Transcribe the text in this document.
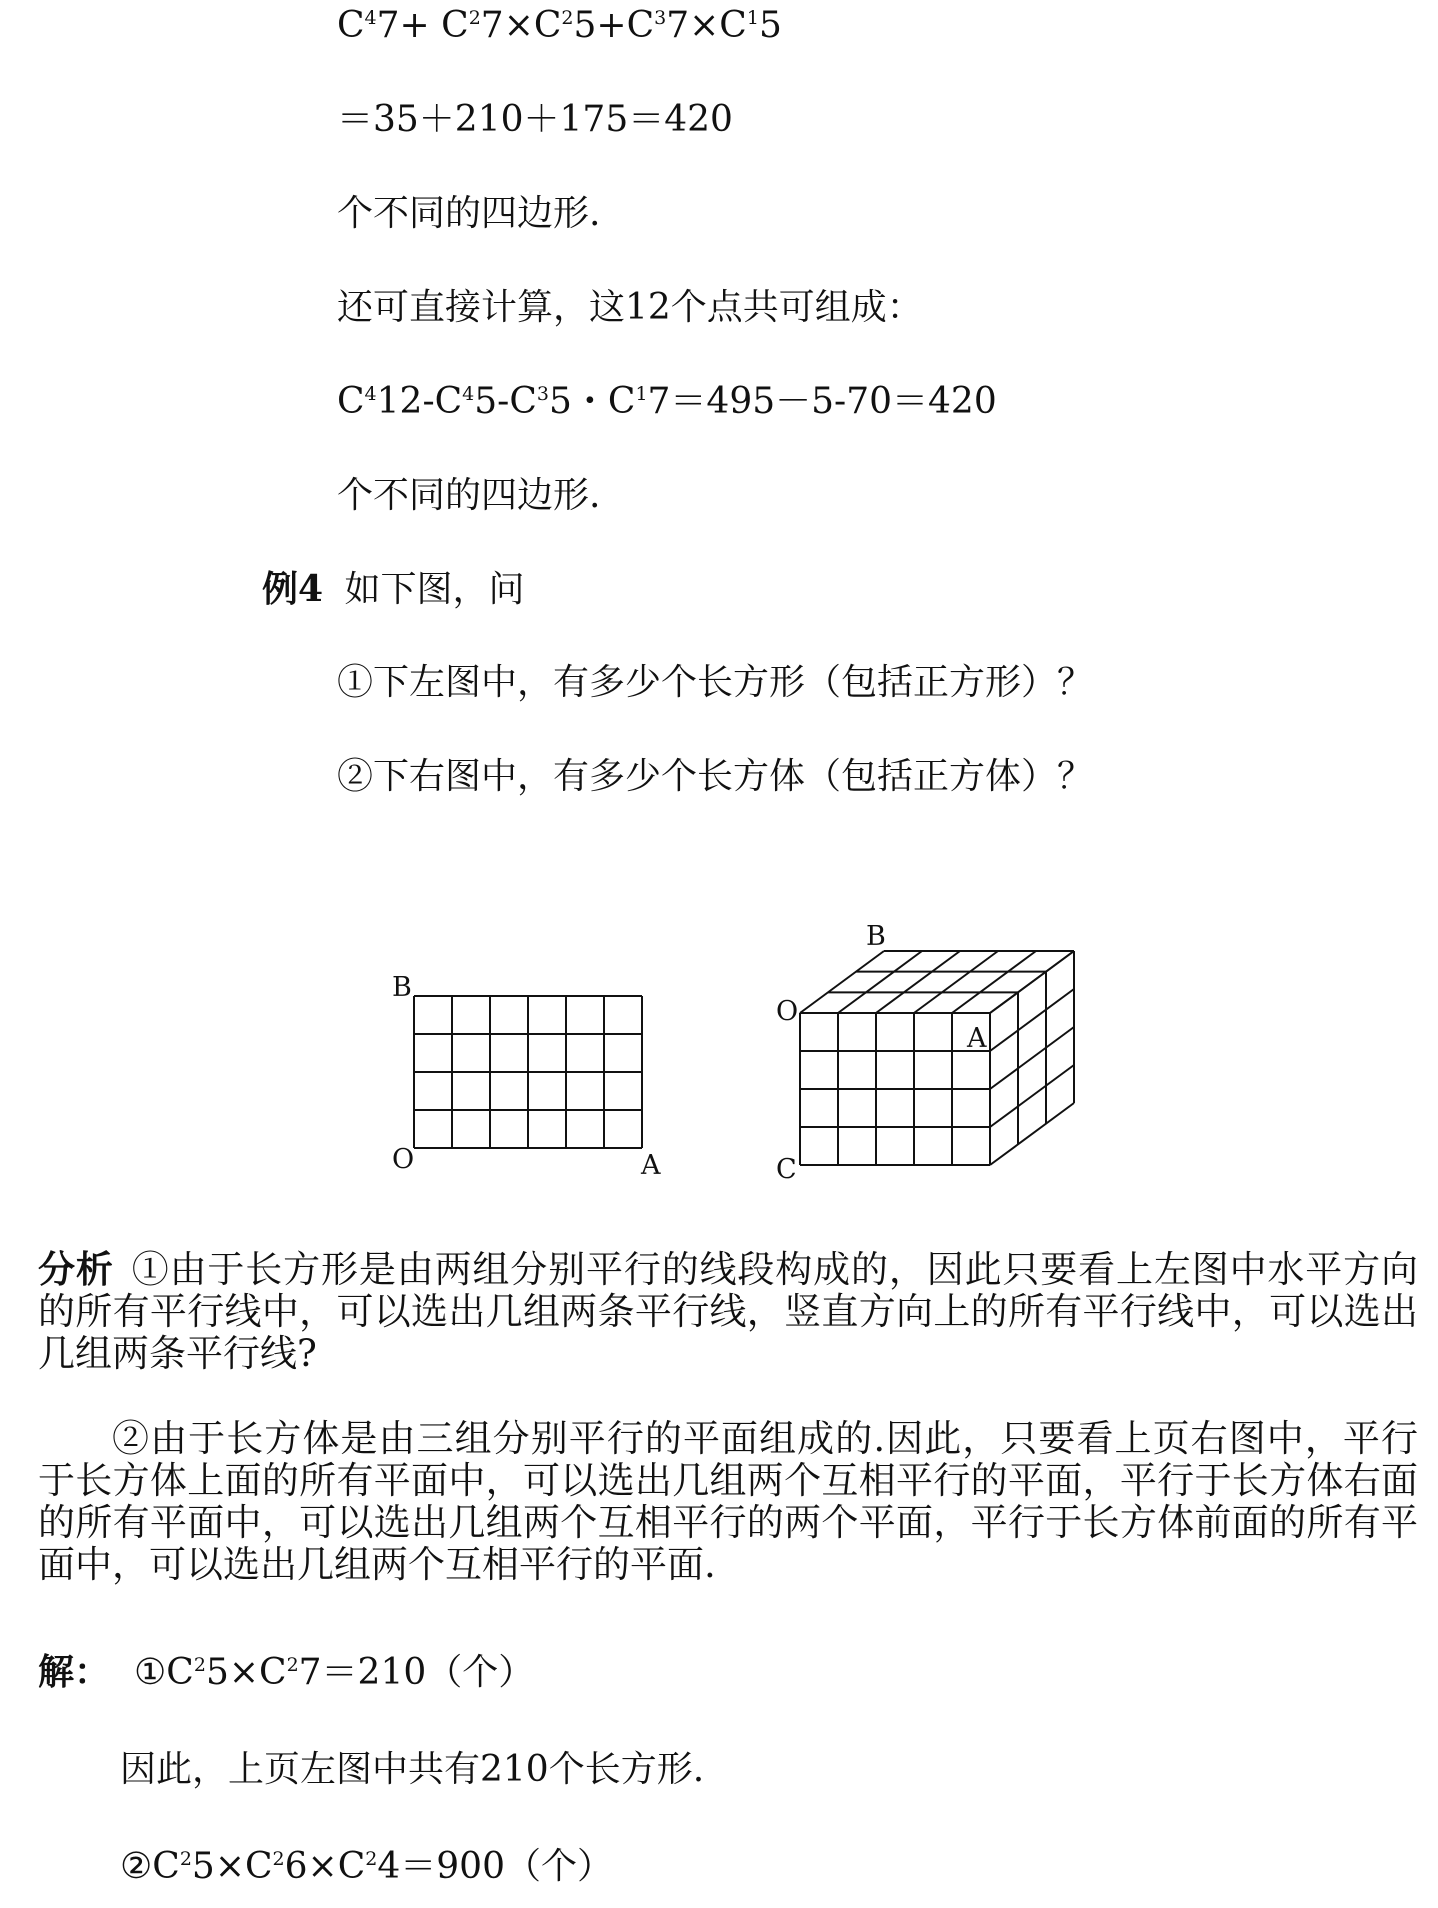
$C^47+ C^27\times C^25+C^37\times C^15$
＝35＋210＋175＝420
个不同的四边形.
还可直接计算，这12个点共可组成：
$C^412-C^45-C^35$・$C^17=495-5-70=420$
个不同的四边形.
例4 如下图，问
①下左图中，有多少个长方形（包括正方形）？
②下右图中，有多少个长方体（包括正方体）？
B
O	A
B
O
A
C
分析 ①由于长方形是由两组分别平行的线段构成的，因此只要看上左图中水平方向的所有平行线中，可以选出几组两条平行线，竖直方向上的所有平行线中，可以选出几组两条平行线?
②由于长方体是由三组分别平行的平面组成的.因此，只要看上页右图中，平行于长方体上面的所有平面中，可以选出几组两个互相平行的平面，平行于长方体右面的所有平面中，可以选出几组两个互相平行的两个平面，平行于长方体前面的所有平面中，可以选出几组两个互相平行的平面.
解： $①C^25\times C^27=210$（个）
因此，上页左图中共有210个长方形.
$②C^25\times C^26\times C^24=900$（个）
